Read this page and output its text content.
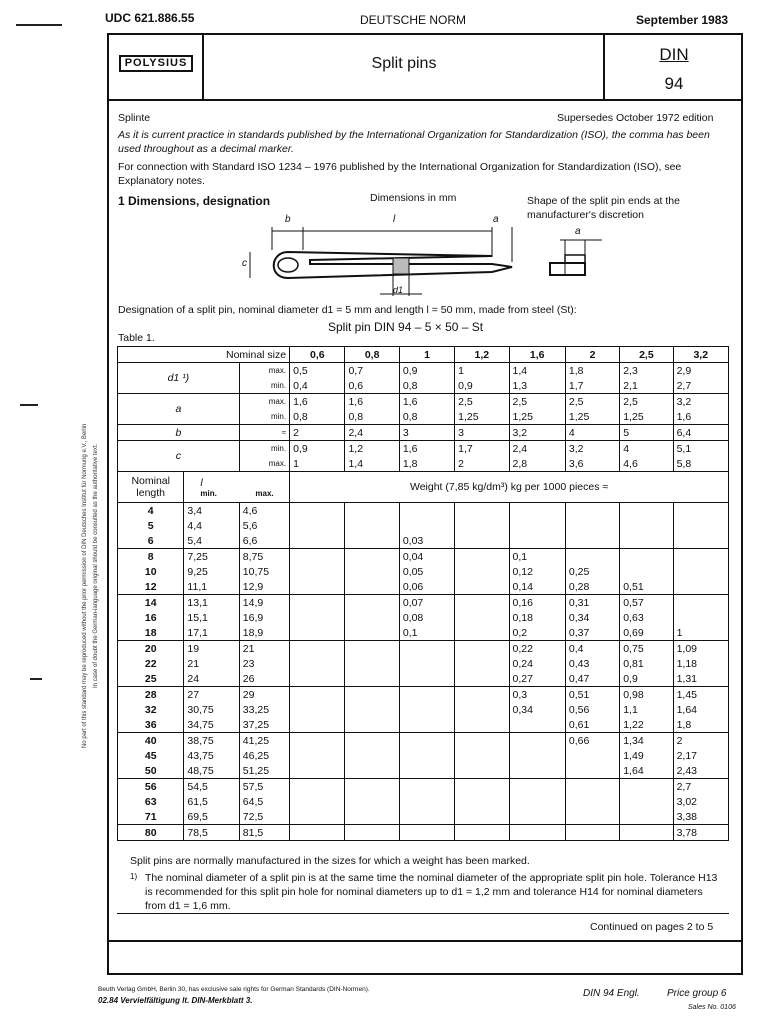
UDC 621.886.55	DEUTSCHE NORM	September 1983
POLYSIUS	Split pins	DIN
94
Splinte	Supersedes October 1972 edition
As it is current practice in standards published by the International Organization for Standardization (ISO), the comma has been used throughout as a decimal marker.
For connection with Standard ISO 1234 – 1976 published by the International Organization for Standardization (ISO), see Explanatory notes.
1 Dimensions, designation	Dimensions in mm	Shape of the split pin ends at the manufacturer's discretion
b	l	a
c
d1
a
Designation of a split pin, nominal diameter d1 = 5 mm and length l = 50 mm, made from steel (St):
Split pin DIN 94 – 5 × 50 – St
Table 1.
Nominal size			0,6	0,8	1	1,2	1,6	2	2,5	3,2
d1 ¹)		max.	0,5	0,7	0,9	1	1,4	1,8	2,3	2,9
		min.	0,4	0,6	0,8	0,9	1,3	1,7	2,1	2,7
a		max.	1,6	1,6	1,6	2,5	2,5	2,5	2,5	3,2
		min.	0,8	0,8	0,8	1,25	1,25	1,25	1,25	1,6
b		≈	2	2,4	3	3	3,2	4	5	6,4
c		min.	0,9	1,2	1,6	1,7	2,4	3,2	4	5,1
		max.	1	1,4	1,8	2	2,8	3,6	4,6	5,8
Nominal length	l
min. max.		Weight (7,85 kg/dm³) kg per 1000 pieces ≈							
4	3,4	4,6								
5	4,4	5,6								
6	5,4	6,6			0,03					
8	7,25	8,75			0,04		0,1			
10	9,25	10,75			0,05		0,12	0,25		
12	11,1	12,9			0,06		0,14	0,28	0,51	
14	13,1	14,9			0,07		0,16	0,31	0,57	
16	15,1	16,9			0,08		0,18	0,34	0,63	
18	17,1	18,9			0,1		0,2	0,37	0,69	1
20	19	21					0,22	0,4	0,75	1,09
22	21	23					0,24	0,43	0,81	1,18
25	24	26					0,27	0,47	0,9	1,31
28	27	29					0,3	0,51	0,98	1,45
32	30,75	33,25					0,34	0,56	1,1	1,64
36	34,75	37,25						0,61	1,22	1,8
40	38,75	41,25						0,66	1,34	2
45	43,75	46,25							1,49	2,17
50	48,75	51,25							1,64	2,43
56	54,5	57,5								2,7
63	61,5	64,5								3,02
71	69,5	72,5								3,38
80	78,5	81,5								3,78
Split pins are normally manufactured in the sizes for which a weight has been marked.
1) The nominal diameter of a split pin is at the same time the nominal diameter of the appropriate split pin hole. Tolerance H13 is recommended for this split pin hole for nominal diameters up to d1 = 1,2 mm and tolerance H14 for nominal diameters from d1 = 1,6 mm.
Continued on pages 2 to 5
Beuth Verlag GmbH, Berlin 30, has exclusive sale rights for German Standards (DIN-Normen).
02.84 Vervielfältigung lt. DIN-Merkblatt 3.
DIN 94 Engl.	Price group 6
Sales No. 0106
No part of this standard may be reproduced without the prior permission of DIN Deutsches Institut für Normung e.V., Berlin In case of doubt the German-language original should be consulted as the authoritative text.
